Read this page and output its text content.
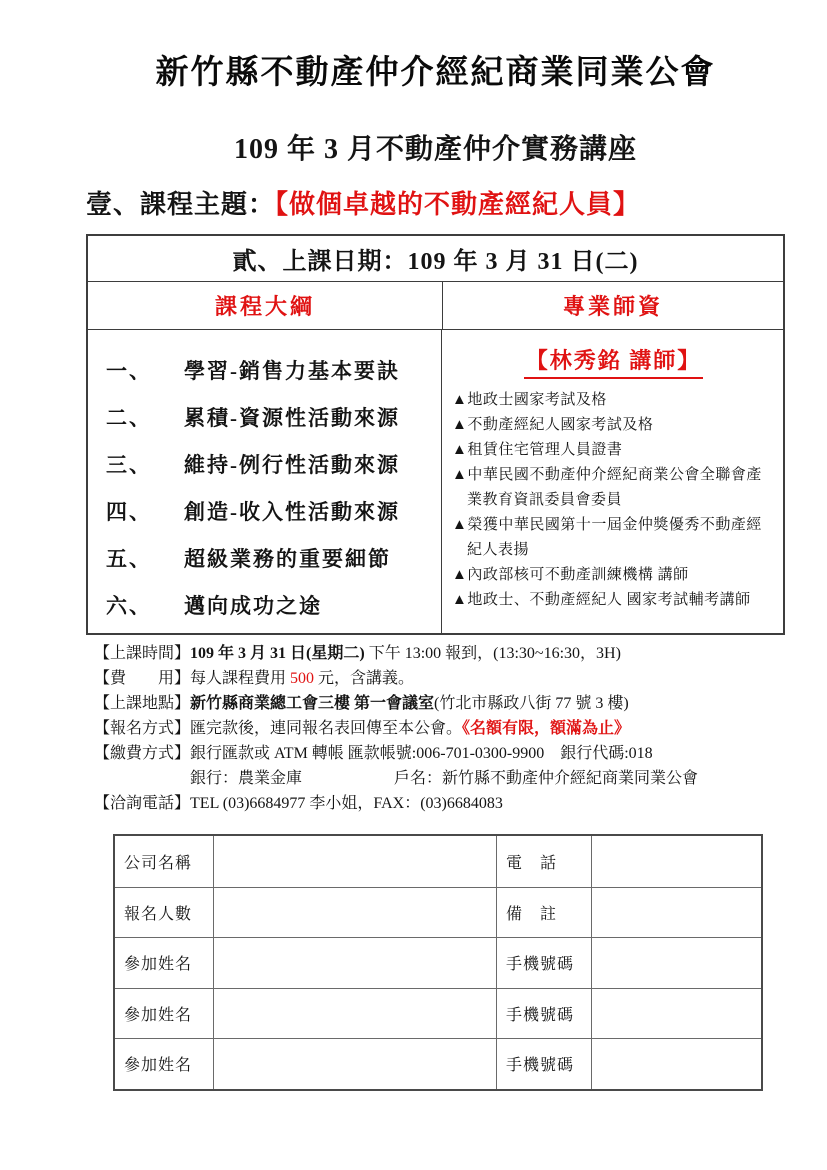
新竹縣不動產仲介經紀商業同業公會
109 年 3 月不動產仲介實務講座
壹、課程主題：【做個卓越的不動產經紀人員】
貳、上課日期：109 年 3 月 31 日(二)
課程大綱	專業師資
一、	學習-銷售力基本要訣
二、	累積-資源性活動來源
三、	維持-例行性活動來源
四、	創造-收入性活動來源
五、	超級業務的重要細節
六、	邁向成功之途
【林秀銘 講師】
▲地政士國家考試及格
▲不動產經紀人國家考試及格
▲租賃住宅管理人員證書
▲中華民國不動產仲介經紀商業公會全聯會產業教育資訊委員會委員
▲榮獲中華民國第十一屆金仲獎優秀不動產經紀人表揚
▲內政部核可不動產訓練機構 講師
▲地政士、不動產經紀人 國家考試輔考講師
【上課時間】109 年 3 月 31 日(星期二) 下午 13:00 報到，(13:30~16:30，3H)
【費　　用】每人課程費用 500 元，含講義。
【上課地點】新竹縣商業總工會三樓 第一會議室(竹北市縣政八街 77 號 3 樓)
【報名方式】匯完款後，連同報名表回傳至本公會。《名額有限，額滿為止》
【繳費方式】銀行匯款或 ATM 轉帳 匯款帳號:006-701-0300-9900　銀行代碼:018
銀行：農業金庫	戶名：新竹縣不動產仲介經紀商業同業公會
【洽詢電話】TEL (03)6684977 李小姐，FAX：(03)6684083
公司名稱	電　話
報名人數	備　註
參加姓名	手機號碼
參加姓名	手機號碼
參加姓名	手機號碼
